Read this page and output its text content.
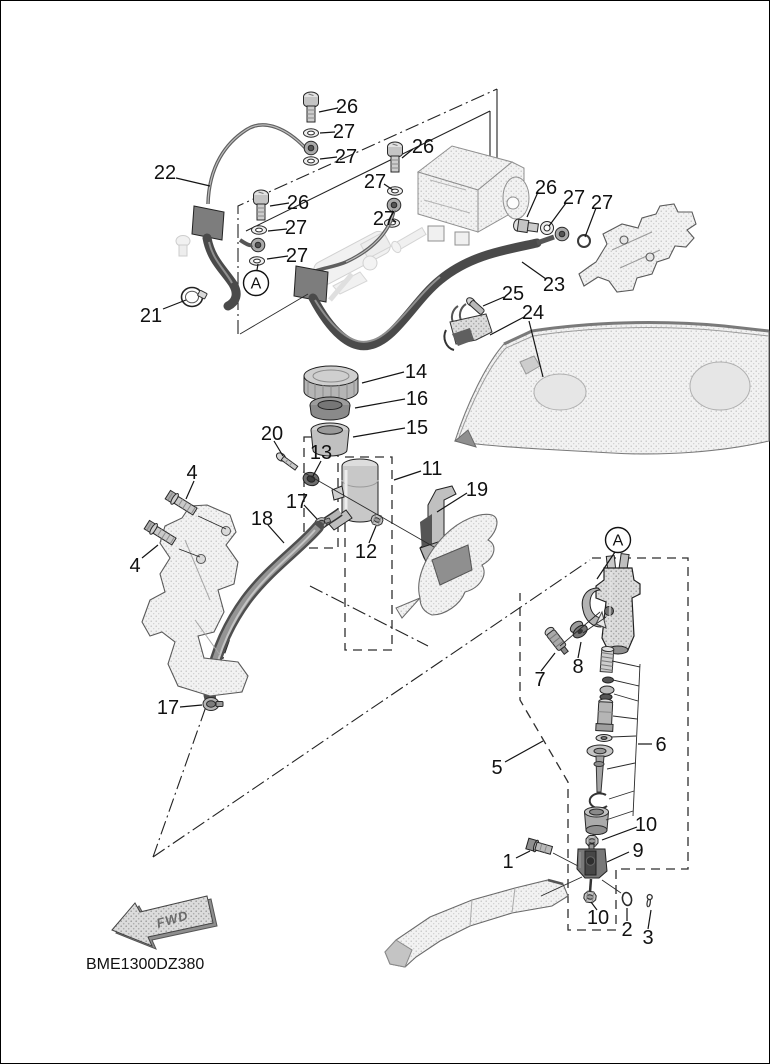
FWD
BME1300DZ380
A
A
26
27
27
22
26
27
27
21
26
27
27
26 27 27
23
25
24
14
16
15
20
13
11
19
4
4
18
17
12
17
7
8
6
5
10
9
1
10
2 3
